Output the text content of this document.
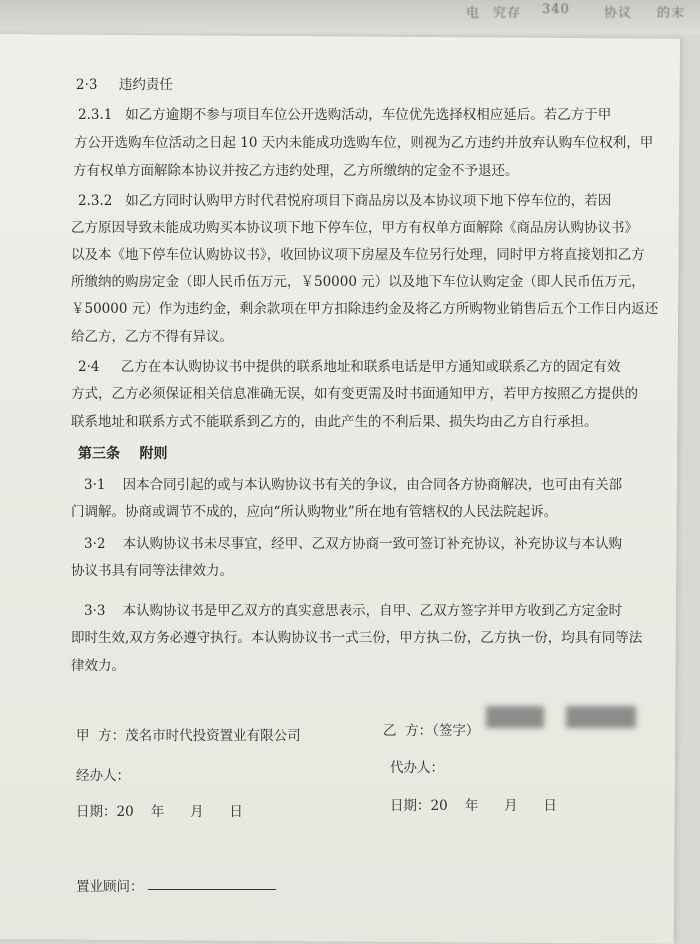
电 究存 340	协议 的末
2·3     违约责任
2.3.1   如乙方逾期不参与项目车位公开选购活动，车位优先选择权相应延后。若乙方于甲
方公开选购车位活动之日起 10 天内未能成功选购车位，则视为乙方违约并放弃认购车位权利，甲
方有权单方面解除本协议并按乙方违约处理，乙方所缴纳的定金不予退还。
2.3.2   如乙方同时认购甲方时代君悦府项目下商品房以及本协议项下地下停车位的，若因
乙方原因导致未能成功购买本协议项下地下停车位，甲方有权单方面解除《商品房认购协议书》
以及本《地下停车位认购协议书》，收回协议项下房屋及车位另行处理，同时甲方将直接划扣乙方
所缴纳的购房定金（即人民币伍万元，￥50000 元）以及地下车位认购定金（即人民币伍万元，
￥50000 元）作为违约金，剩余款项在甲方扣除违约金及将乙方所购物业销售后五个工作日内返还
给乙方，乙方不得有异议。
2·4     乙方在本认购协议书中提供的联系地址和联系电话是甲方通知或联系乙方的固定有效
方式，乙方必须保证相关信息准确无误，如有变更需及时书面通知甲方，若甲方按照乙方提供的
联系地址和联系方式不能联系到乙方的，由此产生的不利后果、损失均由乙方自行承担。
第三条    附则
3·1    因本合同引起的或与本认购协议书有关的争议，由合同各方协商解决，也可由有关部
门调解。协商或调节不成的，应向“所认购物业”所在地有管辖权的人民法院起诉。
3·2    本认购协议书未尽事宜，经甲、乙双方协商一致可签订补充协议，补充协议与本认购
协议书具有同等法律效力。
3·3    本认购协议书是甲乙双方的真实意思表示，自甲、乙双方签字并甲方收到乙方定金时
即时生效,双方务必遵守执行。本认购协议书一式三份，甲方执二份，乙方执一份，均具有同等法
律效力。
甲  方：茂名市时代投资置业有限公司	乙  方：（签字）
经办人：	代办人：
日期：20    年      月      日	日期：20    年      月      日
置业顾问：
